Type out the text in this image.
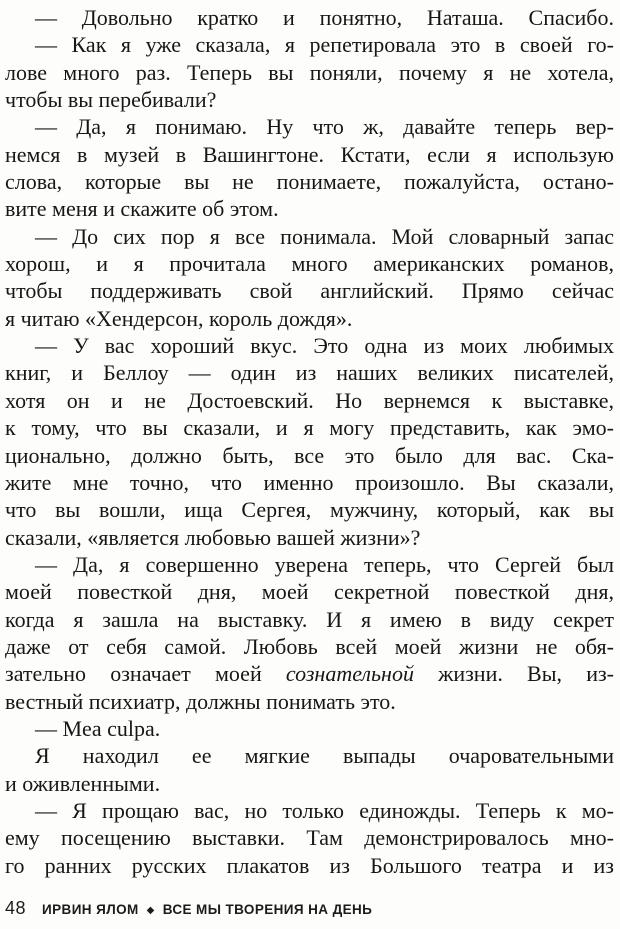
— Довольно кратко и понятно, Наташа. Спасибо.
— Как я уже сказала, я репетировала это в своей го-
лове много раз. Теперь вы поняли, почему я не хотела,
чтобы вы перебивали?
— Да, я понимаю. Ну что ж, давайте теперь вер-
немся в музей в Вашингтоне. Кстати, если я использую
слова, которые вы не понимаете, пожалуйста, остано-
вите меня и скажите об этом.
— До сих пор я все понимала. Мой словарный запас
хорош, и я прочитала много американских романов,
чтобы поддерживать свой английский. Прямо сейчас
я читаю «Хендерсон, король дождя».
— У вас хороший вкус. Это одна из моих любимых
книг, и Беллоу — один из наших великих писателей,
хотя он и не Достоевский. Но вернемся к выставке,
к тому, что вы сказали, и я могу представить, как эмо-
ционально, должно быть, все это было для вас. Ска-
жите мне точно, что именно произошло. Вы сказали,
что вы вошли, ища Сергея, мужчину, который, как вы
сказали, «является любовью вашей жизни»?
— Да, я совершенно уверена теперь, что Сергей был
моей повесткой дня, моей секретной повесткой дня,
когда я зашла на выставку. И я имею в виду секрет
даже от себя самой. Любовь всей моей жизни не обя-
зательно означает моей сознательной жизни. Вы, из-
вестный психиатр, должны понимать это.
— Mea culpa.
Я находил ее мягкие выпады очаровательными
и оживленными.
— Я прощаю вас, но только единожды. Теперь к мо-
ему посещению выставки. Там демонстрировалось мно-
го ранних русских плакатов из Большого театра и из
48 ИРВИН ЯЛОМ ◆ ВСЕ МЫ ТВОРЕНИЯ НА ДЕНЬ
